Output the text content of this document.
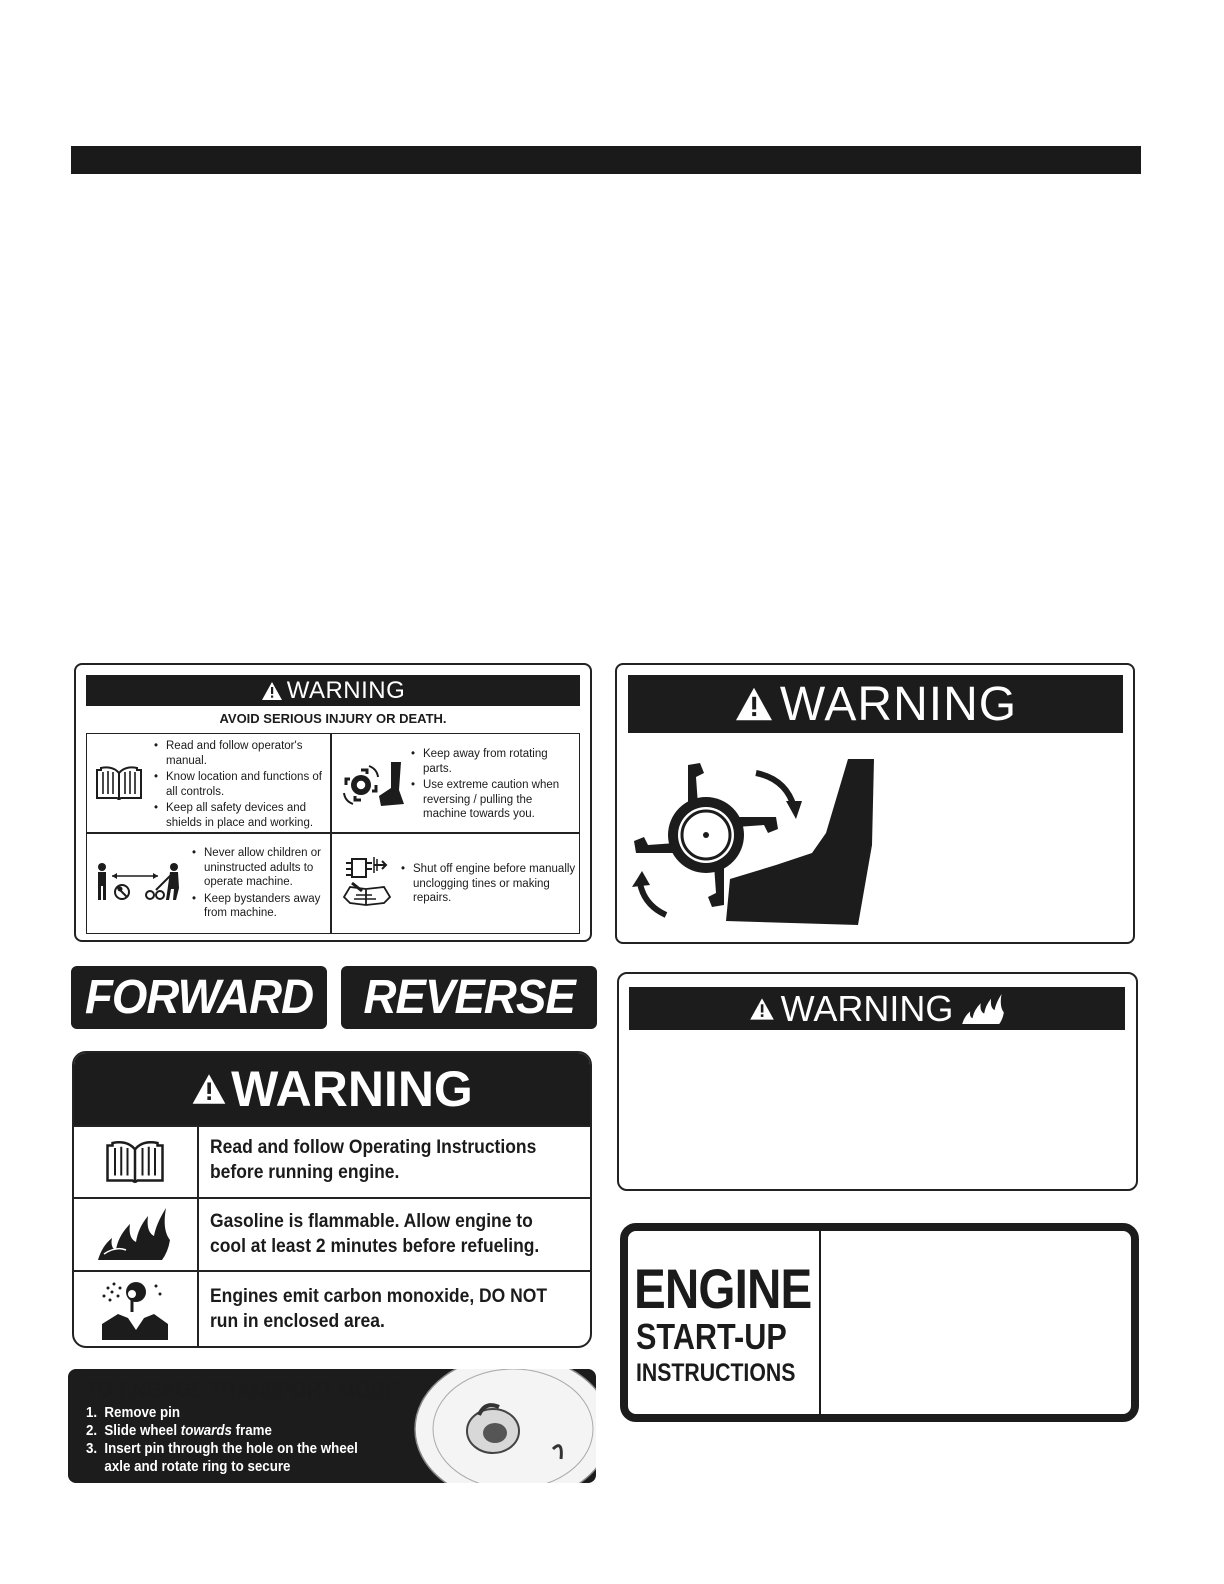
WARNING
AVOID SERIOUS INJURY OR DEATH.
• Read and follow operator's manual.
• Know location and functions of all controls.
• Keep all safety devices and shields in place and working.
• Keep away from rotating parts.
• Use extreme caution when reversing / pulling the machine towards you.
• Never allow children or uninstructed adults to operate machine.
• Keep bystanders away from machine.
• Shut off engine before manually unclogging tines or making repairs.
WARNING
FORWARD REVERSE
WARNING
Read and follow Operating Instructions before running engine.
Gasoline is flammable. Allow engine to cool at least 2 minutes before refueling.
Engines emit carbon monoxide, DO NOT run in enclosed area.
WARNING
TO ENGAGE TRANSPORT MODE
1. Remove pin
2. Slide wheel towards frame
3. Insert pin through the hole on the wheel axle and rotate ring to secure
ENGINE
START-UP
INSTRUCTIONS
